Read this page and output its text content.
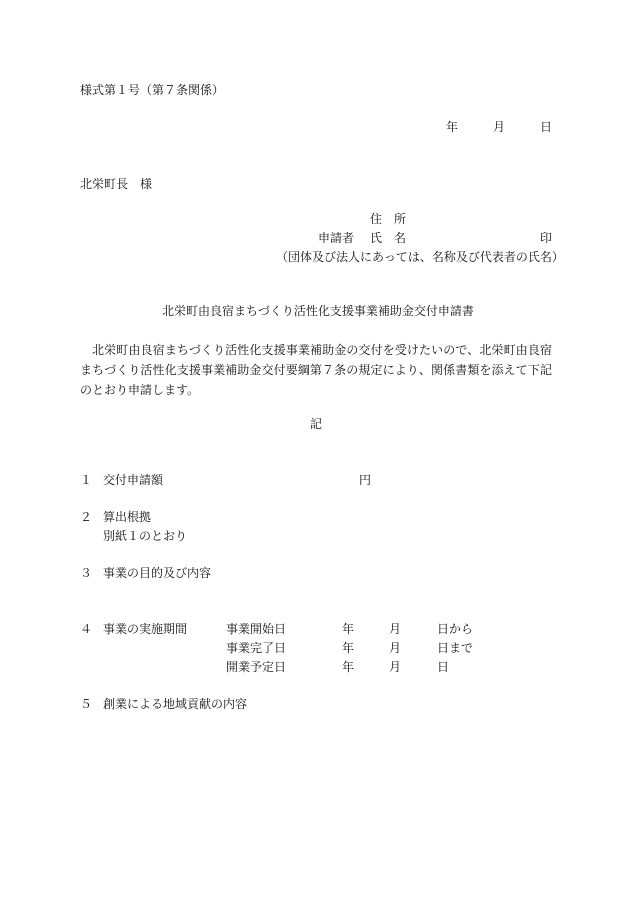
様式第１号（第７条関係）
年	月	日
北栄町長　様
住　所
申請者 氏　名	印
（団体及び法人にあっては、名称及び代表者の氏名）
北栄町由良宿まちづくり活性化支援事業補助金交付申請書
北栄町由良宿まちづくり活性化支援事業補助金の交付を受けたいので、北栄町由良宿まちづくり活性化支援事業補助金交付要綱第７条の規定により、関係書類を添えて下記のとおり申請します。
記
１ 交付申請額	円
２ 算出根拠
別紙１のとおり
３ 事業の目的及び内容
４ 事業の実施期間	事業開始日	年	月	日から
事業完了日	年	月	日まで
開業予定日	年	月	日
５ 創業による地域貢献の内容
